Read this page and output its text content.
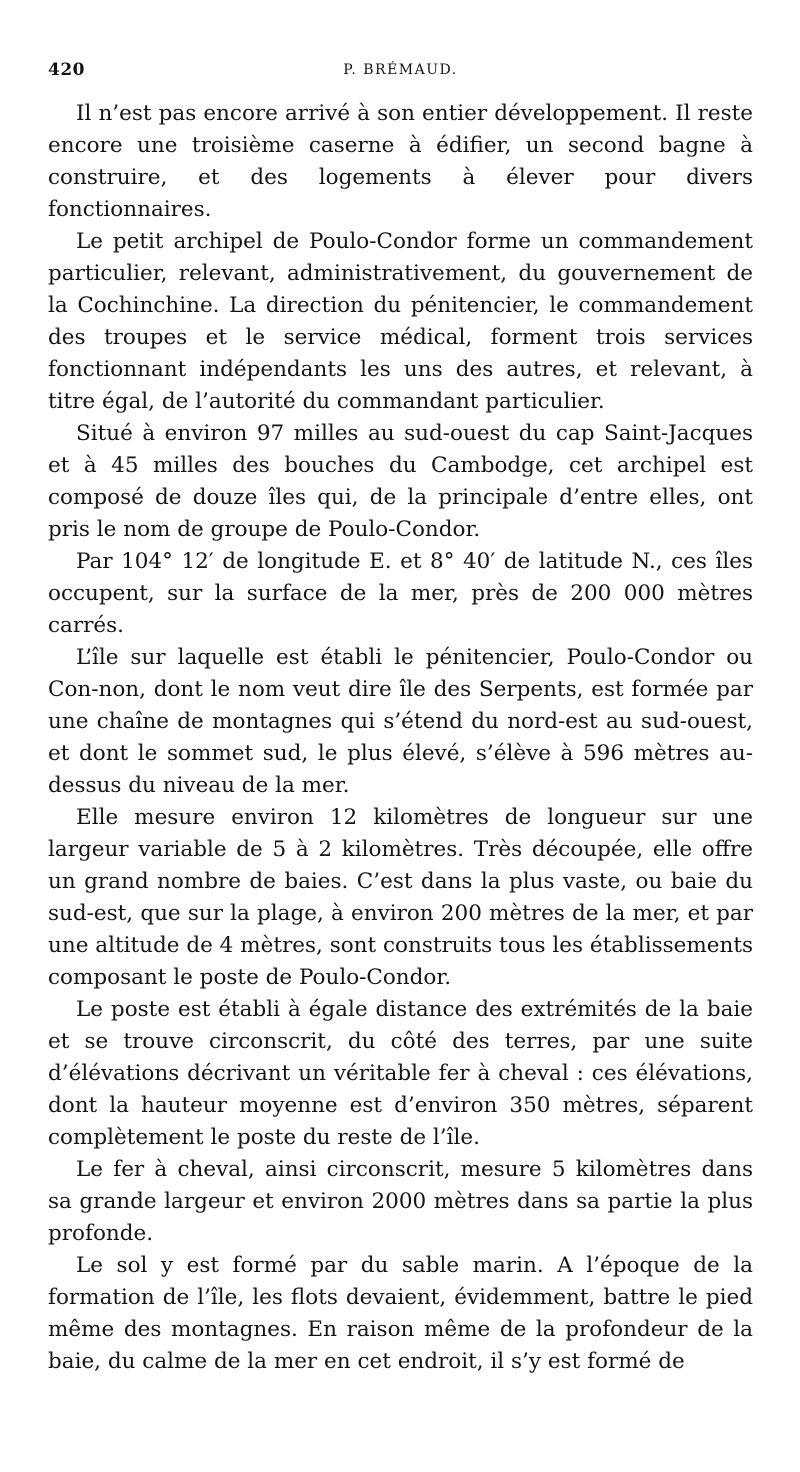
420	P. BRÉMAUD.

Il n’est pas encore arrivé à son entier développement. Il reste encore une troisième caserne à édifier, un second bagne à construire, et des logements à élever pour divers fonctionnaires.

Le petit archipel de Poulo-Condor forme un commandement particulier, relevant, administrativement, du gouvernement de la Cochinchine. La direction du pénitencier, le commandement des troupes et le service médical, forment trois services fonctionnant indépendants les uns des autres, et relevant, à titre égal, de l’autorité du commandant particulier.

Situé à environ 97 milles au sud-ouest du cap Saint-Jacques et à 45 milles des bouches du Cambodge, cet archipel est composé de douze îles qui, de la principale d’entre elles, ont pris le nom de groupe de Poulo-Condor.

Par 104° 12′ de longitude E. et 8° 40′ de latitude N., ces îles occupent, sur la surface de la mer, près de 200 000 mètres carrés.

L’île sur laquelle est établi le pénitencier, Poulo-Condor ou Con-non, dont le nom veut dire île des Serpents, est formée par une chaîne de montagnes qui s’étend du nord-est au sud-ouest, et dont le sommet sud, le plus élevé, s’élève à 596 mètres au-dessus du niveau de la mer.

Elle mesure environ 12 kilomètres de longueur sur une largeur variable de 5 à 2 kilomètres. Très découpée, elle offre un grand nombre de baies. C’est dans la plus vaste, ou baie du sud-est, que sur la plage, à environ 200 mètres de la mer, et par une altitude de 4 mètres, sont construits tous les établissements composant le poste de Poulo-Condor.

Le poste est établi à égale distance des extrémités de la baie et se trouve circonscrit, du côté des terres, par une suite d’élévations décrivant un véritable fer à cheval : ces élévations, dont la hauteur moyenne est d’environ 350 mètres, séparent complètement le poste du reste de l’île.

Le fer à cheval, ainsi circonscrit, mesure 5 kilomètres dans sa grande largeur et environ 2000 mètres dans sa partie la plus profonde.

Le sol y est formé par du sable marin. A l’époque de la formation de l’île, les flots devaient, évidemment, battre le pied même des montagnes. En raison même de la profondeur de la baie, du calme de la mer en cet endroit, il s’y est formé de
